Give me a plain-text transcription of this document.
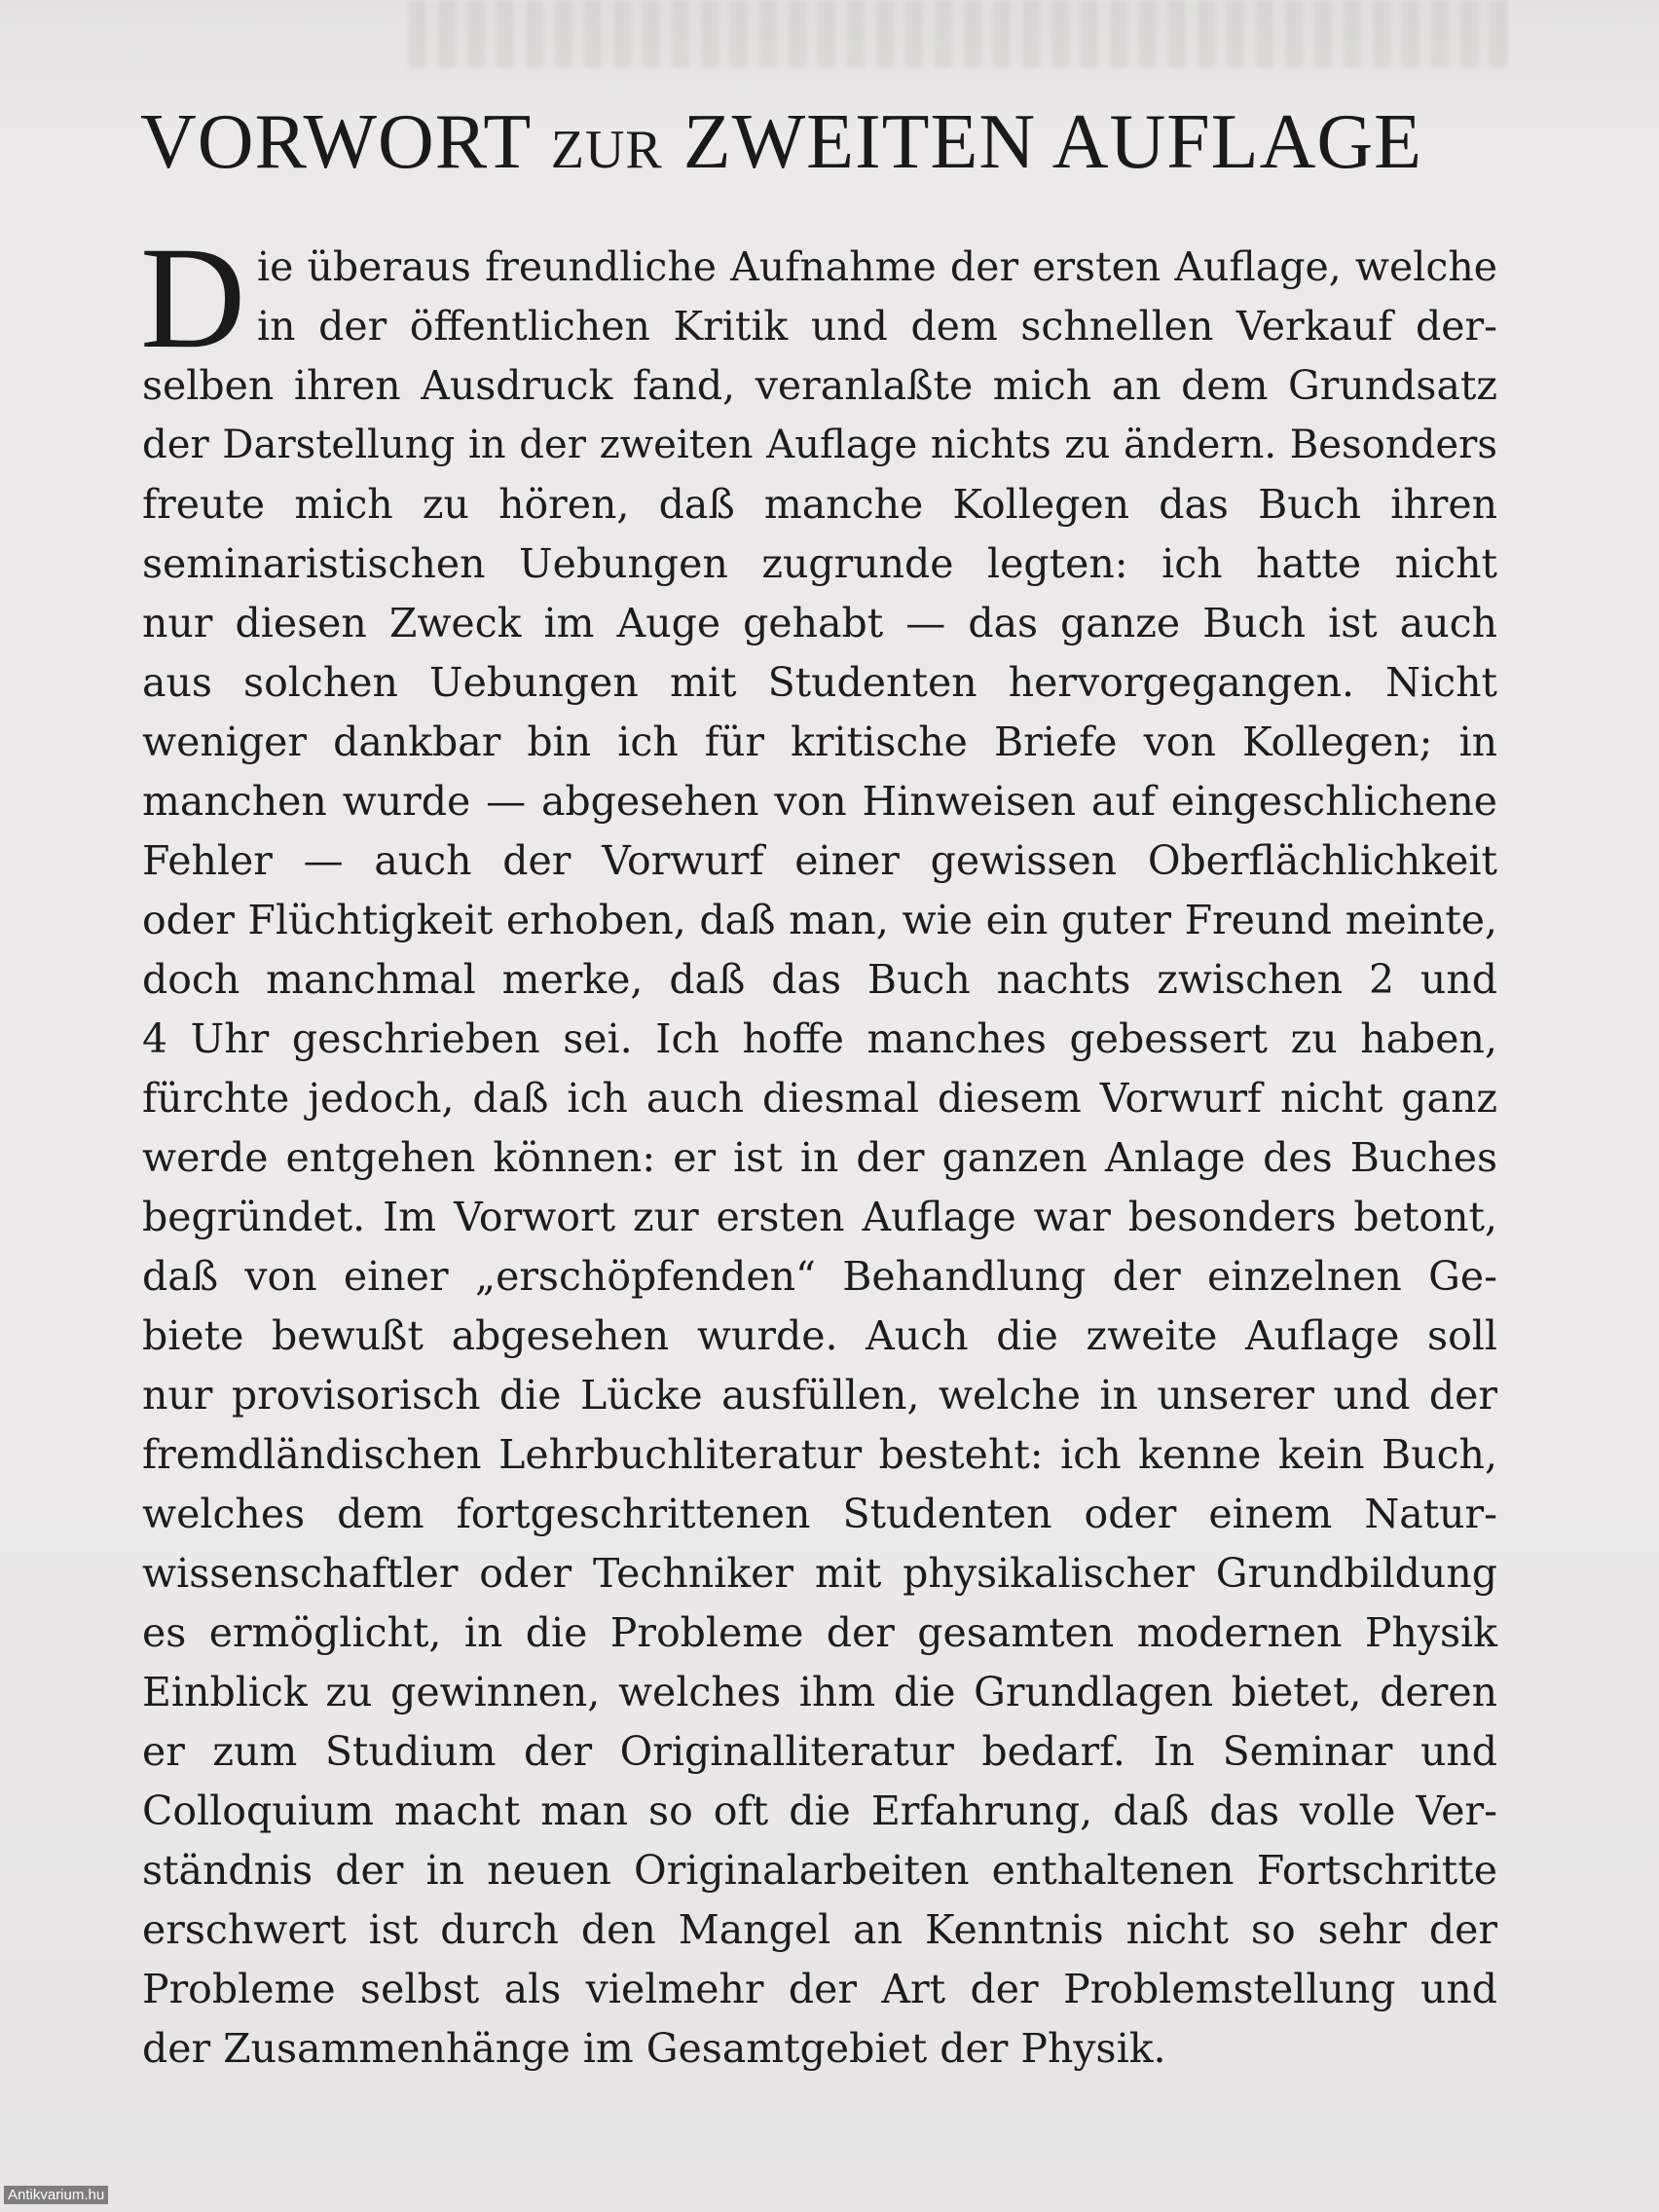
VORWORT ZUR ZWEITEN AUFLAGE
D ie überaus freundliche Aufnahme der ersten Auflage, welche
in der öffentlichen Kritik und dem schnellen Verkauf der-
selben ihren Ausdruck fand, veranlaßte mich an dem Grundsatz
der Darstellung in der zweiten Auflage nichts zu ändern. Besonders
freute mich zu hören, daß manche Kollegen das Buch ihren
seminaristischen Uebungen zugrunde legten: ich hatte nicht
nur diesen Zweck im Auge gehabt — das ganze Buch ist auch
aus solchen Uebungen mit Studenten hervorgegangen. Nicht
weniger dankbar bin ich für kritische Briefe von Kollegen; in
manchen wurde — abgesehen von Hinweisen auf eingeschlichene
Fehler — auch der Vorwurf einer gewissen Oberflächlichkeit
oder Flüchtigkeit erhoben, daß man, wie ein guter Freund meinte,
doch manchmal merke, daß das Buch nachts zwischen 2 und
4 Uhr geschrieben sei. Ich hoffe manches gebessert zu haben,
fürchte jedoch, daß ich auch diesmal diesem Vorwurf nicht ganz
werde entgehen können: er ist in der ganzen Anlage des Buches
begründet. Im Vorwort zur ersten Auflage war besonders betont,
daß von einer „erschöpfenden“ Behandlung der einzelnen Ge-
biete bewußt abgesehen wurde. Auch die zweite Auflage soll
nur provisorisch die Lücke ausfüllen, welche in unserer und der
fremdländischen Lehrbuchliteratur besteht: ich kenne kein Buch,
welches dem fortgeschrittenen Studenten oder einem Natur-
wissenschaftler oder Techniker mit physikalischer Grundbildung
es ermöglicht, in die Probleme der gesamten modernen Physik
Einblick zu gewinnen, welches ihm die Grundlagen bietet, deren
er zum Studium der Originalliteratur bedarf. In Seminar und
Colloquium macht man so oft die Erfahrung, daß das volle Ver-
ständnis der in neuen Originalarbeiten enthaltenen Fortschritte
erschwert ist durch den Mangel an Kenntnis nicht so sehr der
Probleme selbst als vielmehr der Art der Problemstellung und
der Zusammenhänge im Gesamtgebiet der Physik.
Antikvarium.hu
